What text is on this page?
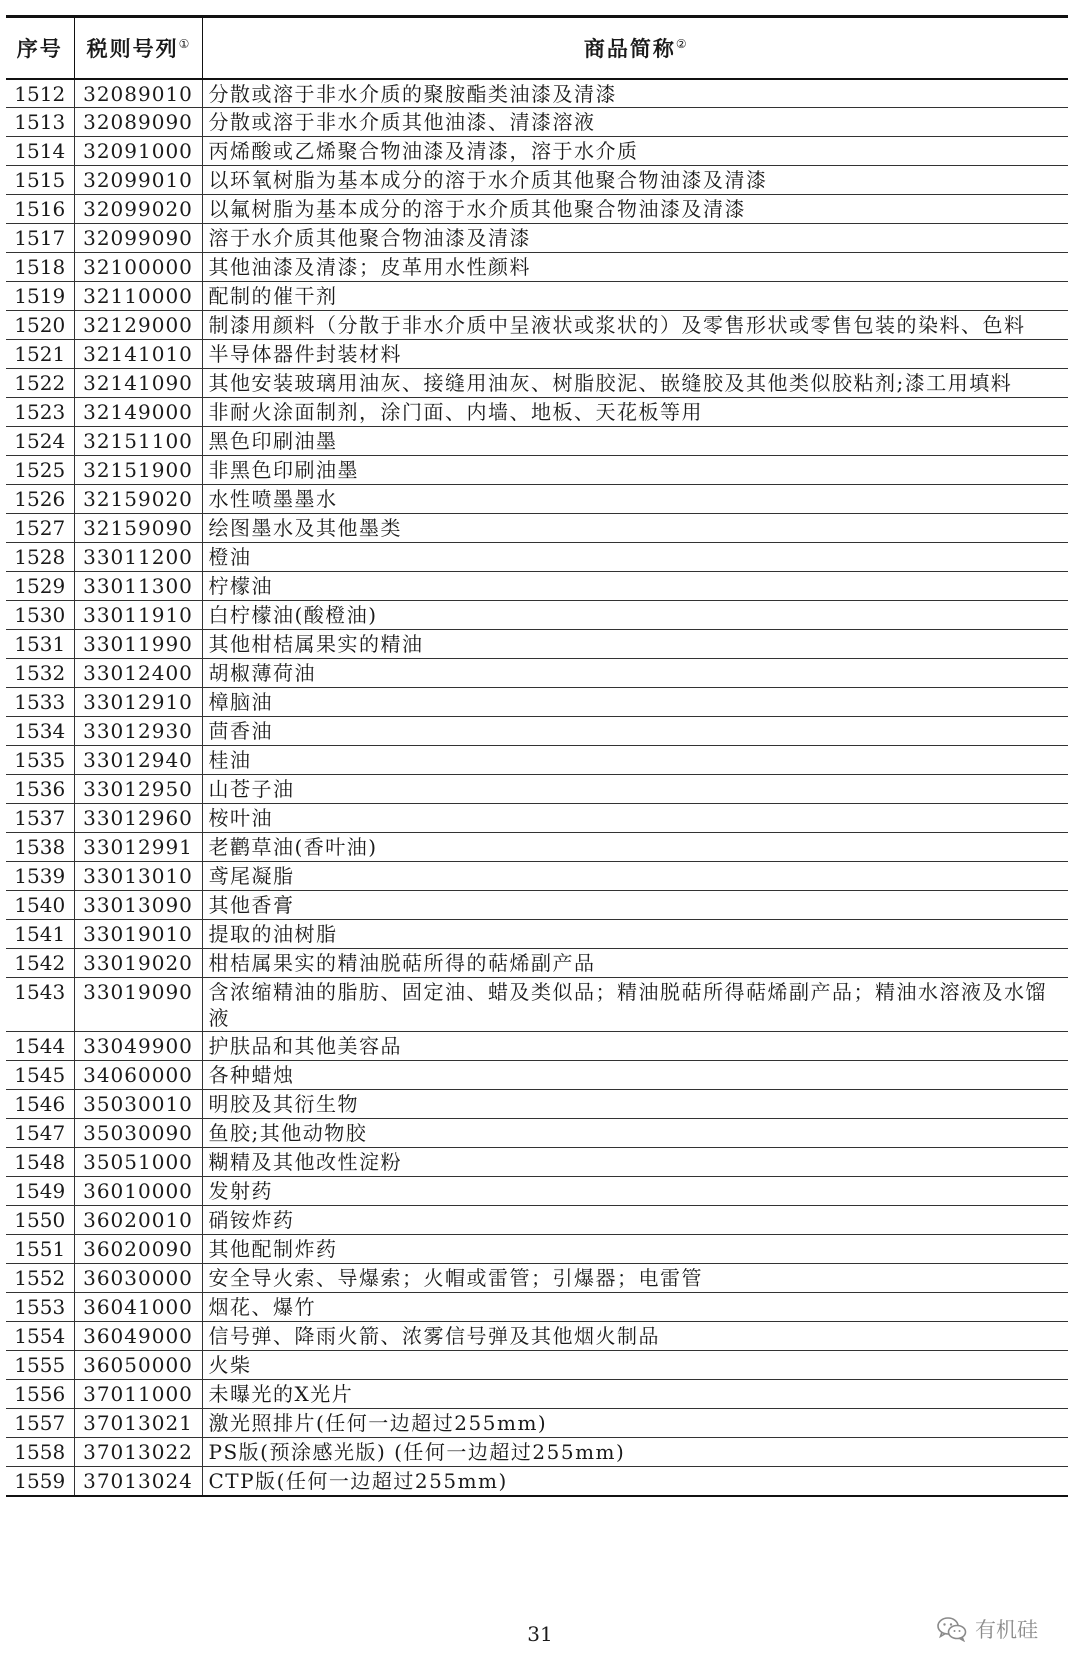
序号	税则号列①	商品简称②
1512	32089010	分散或溶于非水介质的聚胺酯类油漆及清漆
1513	32089090	分散或溶于非水介质其他油漆、清漆溶液
1514	32091000	丙烯酸或乙烯聚合物油漆及清漆，溶于水介质
1515	32099010	以环氧树脂为基本成分的溶于水介质其他聚合物油漆及清漆
1516	32099020	以氟树脂为基本成分的溶于水介质其他聚合物油漆及清漆
1517	32099090	溶于水介质其他聚合物油漆及清漆
1518	32100000	其他油漆及清漆；皮革用水性颜料
1519	32110000	配制的催干剂
1520	32129000	制漆用颜料（分散于非水介质中呈液状或浆状的）及零售形状或零售包装的染料、色料
1521	32141010	半导体器件封装材料
1522	32141090	其他安装玻璃用油灰、接缝用油灰、树脂胶泥、嵌缝胶及其他类似胶粘剂;漆工用填料
1523	32149000	非耐火涂面制剂，涂门面、内墙、地板、天花板等用
1524	32151100	黑色印刷油墨
1525	32151900	非黑色印刷油墨
1526	32159020	水性喷墨墨水
1527	32159090	绘图墨水及其他墨类
1528	33011200	橙油
1529	33011300	柠檬油
1530	33011910	白柠檬油(酸橙油)
1531	33011990	其他柑桔属果实的精油
1532	33012400	胡椒薄荷油
1533	33012910	樟脑油
1534	33012930	茴香油
1535	33012940	桂油
1536	33012950	山苍子油
1537	33012960	桉叶油
1538	33012991	老鹳草油(香叶油)
1539	33013010	鸢尾凝脂
1540	33013090	其他香膏
1541	33019010	提取的油树脂
1542	33019020	柑桔属果实的精油脱萜所得的萜烯副产品
1543	33019090	含浓缩精油的脂肪、固定油、蜡及类似品；精油脱萜所得萜烯副产品；精油水溶液及水馏液
1544	33049900	护肤品和其他美容品
1545	34060000	各种蜡烛
1546	35030010	明胶及其衍生物
1547	35030090	鱼胶;其他动物胶
1548	35051000	糊精及其他改性淀粉
1549	36010000	发射药
1550	36020010	硝铵炸药
1551	36020090	其他配制炸药
1552	36030000	安全导火索、导爆索；火帽或雷管；引爆器；电雷管
1553	36041000	烟花、爆竹
1554	36049000	信号弹、降雨火箭、浓雾信号弹及其他烟火制品
1555	36050000	火柴
1556	37011000	未曝光的X光片
1557	37013021	激光照排片(任何一边超过255mm)
1558	37013022	PS版(预涂感光版) (任何一边超过255mm)
1559	37013024	CTP版(任何一边超过255mm)
31	有机硅
